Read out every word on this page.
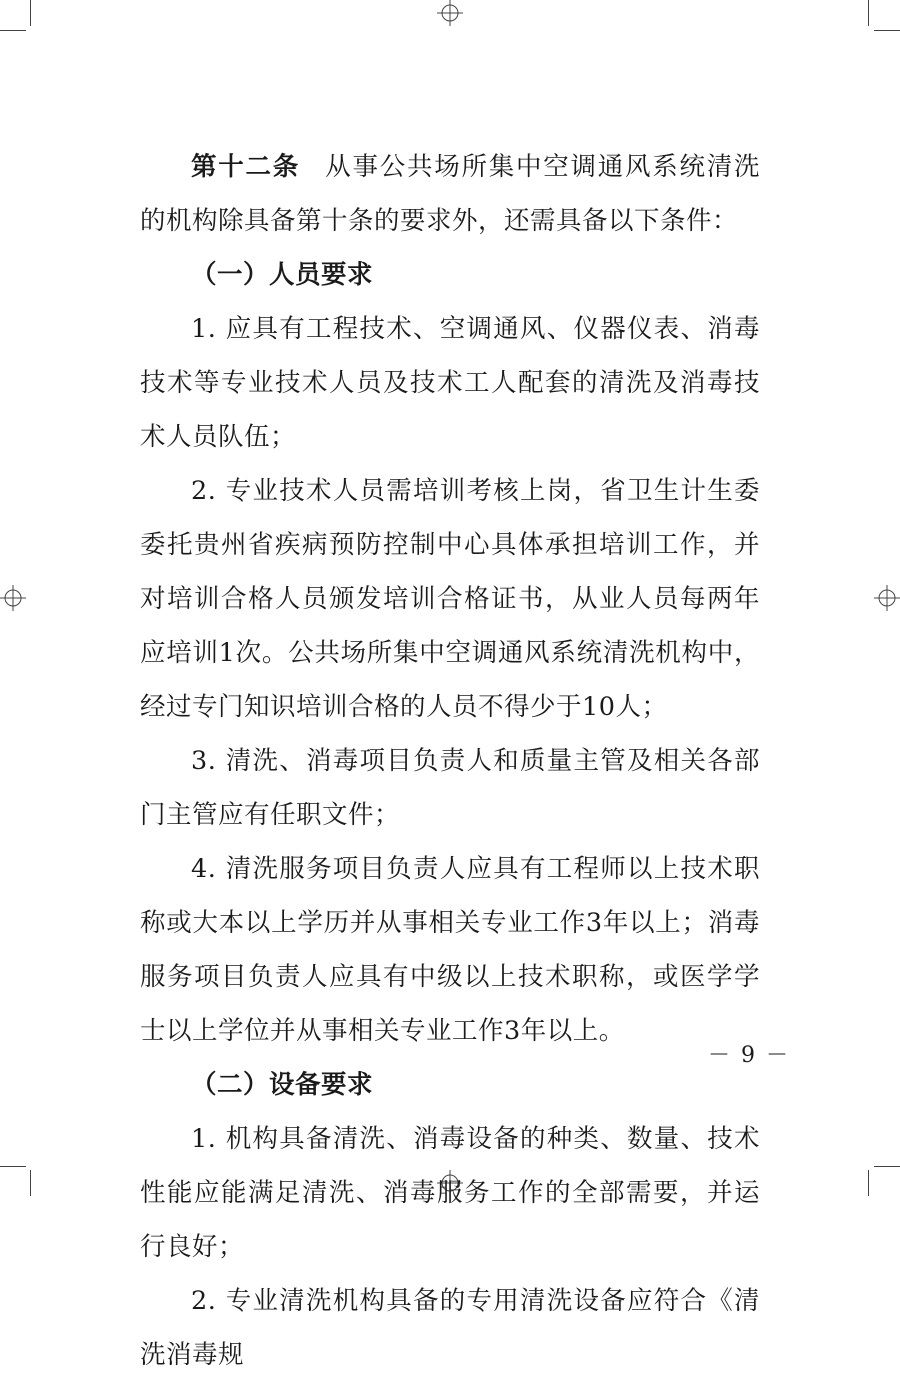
第十二条 从事公共场所集中空调通风系统清洗的机构除具备第十条的要求外，还需具备以下条件：

（一）人员要求

1. 应具有工程技术、空调通风、仪器仪表、消毒技术等专业技术人员及技术工人配套的清洗及消毒技术人员队伍；

2. 专业技术人员需培训考核上岗，省卫生计生委委托贵州省疾病预防控制中心具体承担培训工作，并对培训合格人员颁发培训合格证书，从业人员每两年应培训1次。公共场所集中空调通风系统清洗机构中，经过专门知识培训合格的人员不得少于10人；

3. 清洗、消毒项目负责人和质量主管及相关各部门主管应有任职文件；

4. 清洗服务项目负责人应具有工程师以上技术职称或大本以上学历并从事相关专业工作3年以上；消毒服务项目负责人应具有中级以上技术职称，或医学学士以上学位并从事相关专业工作3年以上。

（二）设备要求

1. 机构具备清洗、消毒设备的种类、数量、技术性能应能满足清洗、消毒服务工作的全部需要，并运行良好；

2. 专业清洗机构具备的专用清洗设备应符合《清洗消毒规

－ 9 －
